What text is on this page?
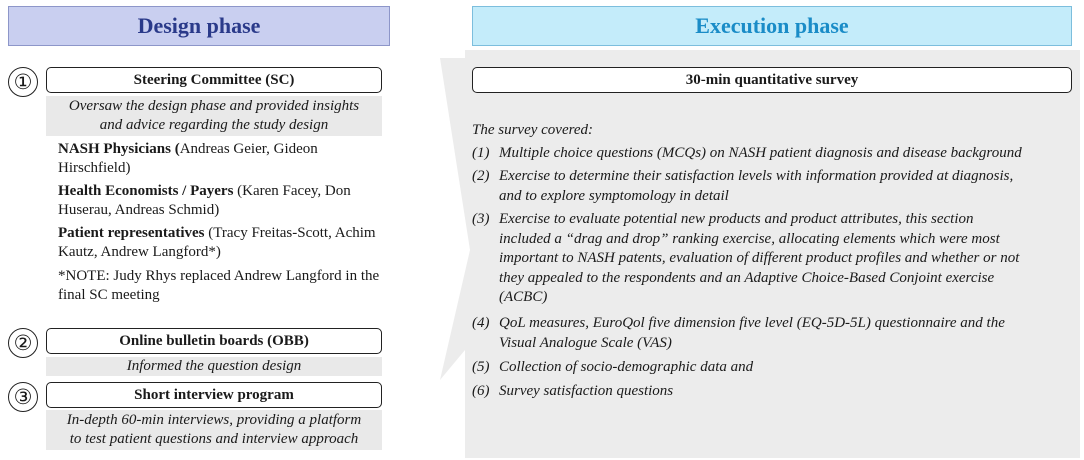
Design phase	Execution phase
①	Steering Committee (SC)
Oversaw the design phase and provided insights
and advice regarding the study design
NASH Physicians (Andreas Geier, Gideon Hirschfield)
Health Economists / Payers (Karen Facey, Don Huserau, Andreas Schmid)
Patient representatives (Tracy Freitas-Scott, Achim Kautz, Andrew Langford*)
*NOTE: Judy Rhys replaced Andrew Langford in the final SC meeting
②	Online bulletin boards (OBB)
Informed the question design
③	Short interview program
In-depth 60-min interviews, providing a platform
to test patient questions and interview approach
30-min quantitative survey
The survey covered:
(1) Multiple choice questions (MCQs) on NASH patient diagnosis and disease background
(2) Exercise to determine their satisfaction levels with information provided at diagnosis,
and to explore symptomology in detail
(3) Exercise to evaluate potential new products and product attributes, this section
included a “drag and drop” ranking exercise, allocating elements which were most
important to NASH patents, evaluation of different product profiles and whether or not
they appealed to the respondents and an Adaptive Choice-Based Conjoint exercise
(ACBC)
(4) QoL measures, EuroQol five dimension five level (EQ-5D-5L) questionnaire and the
Visual Analogue Scale (VAS)
(5) Collection of socio-demographic data and
(6) Survey satisfaction questions
